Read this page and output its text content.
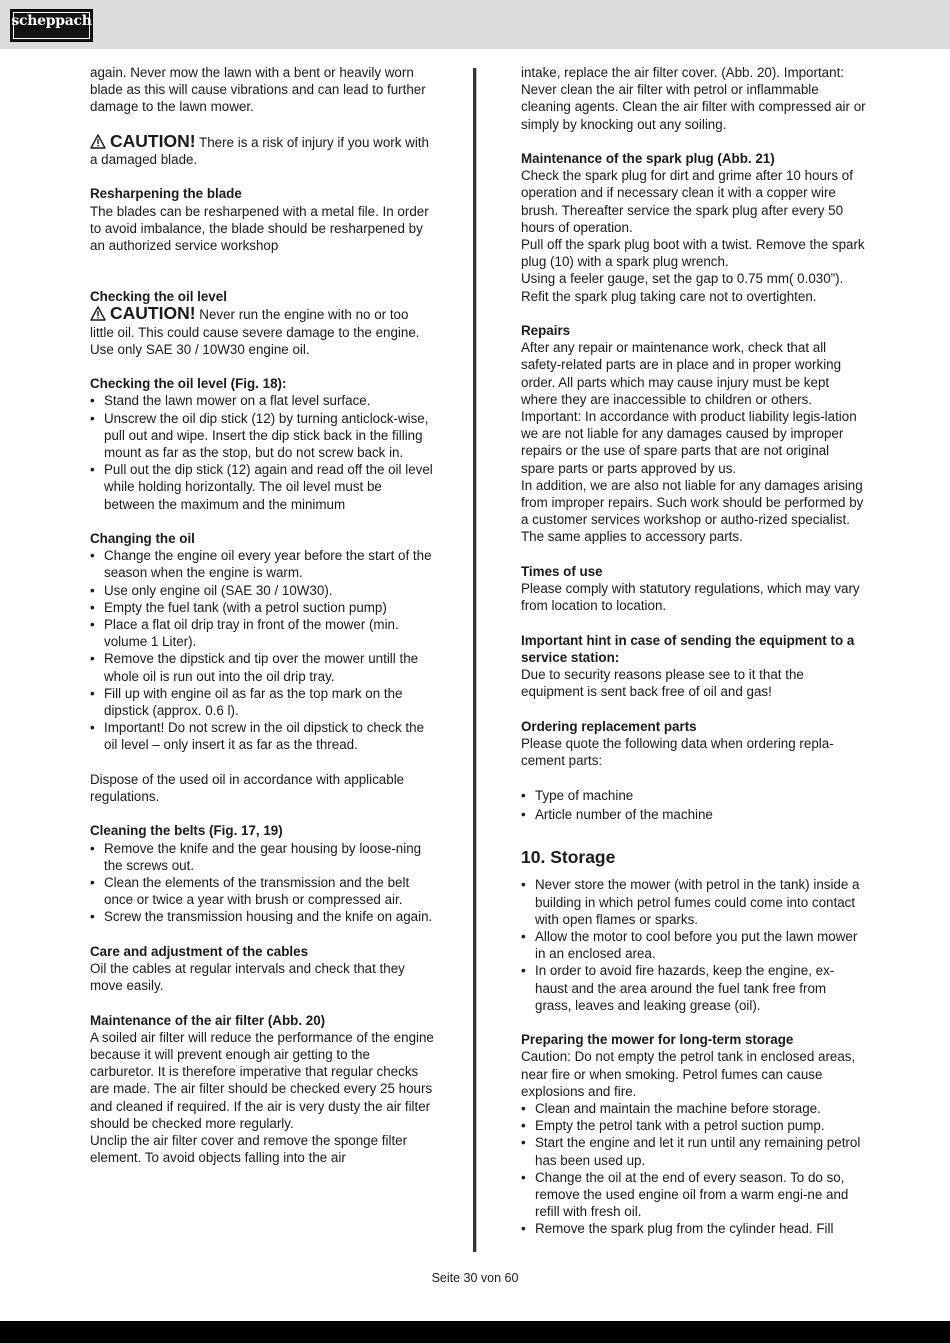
scheppach

again. Never mow the lawn with a bent or heavily worn blade as this will cause vibrations and can lead to further damage to the lawn mower.

CAUTION! There is a risk of injury if you work with a damaged blade.

Resharpening the blade

The blades can be resharpened with a metal file. In order to avoid imbalance, the blade should be resharpened by an authorized service workshop

Checking the oil level

CAUTION! Never run the engine with no or too little oil. This could cause severe damage to the engine. Use only SAE 30 / 10W30 engine oil.

Checking the oil level (Fig. 18):

• Stand the lawn mower on a flat level surface.
• Unscrew the oil dip stick (12) by turning anticlock-wise, pull out and wipe. Insert the dip stick back in the filling mount as far as the stop, but do not screw back in.
• Pull out the dip stick (12) again and read off the oil level while holding horizontally. The oil level must be between the maximum and the minimum

Changing the oil

• Change the engine oil every year before the start of the season when the engine is warm.
• Use only engine oil (SAE 30 / 10W30).
• Empty the fuel tank (with a petrol suction pump)
• Place a flat oil drip tray in front of the mower (min. volume 1 Liter).
• Remove the dipstick and tip over the mower untill the whole oil is run out into the oil drip tray.
• Fill up with engine oil as far as the top mark on the dipstick (approx. 0.6 l).
• Important! Do not screw in the oil dipstick to check the oil level – only insert it as far as the thread.

Dispose of the used oil in accordance with applicable regulations.

Cleaning the belts (Fig. 17, 19)

• Remove the knife and the gear housing by loose-ning the screws out.
• Clean the elements of the transmission and the belt once or twice a year with brush or compressed air.
• Screw the transmission housing and the knife on again.

Care and adjustment of the cables

Oil the cables at regular intervals and check that they move easily.

Maintenance of the air filter (Abb. 20)

A soiled air filter will reduce the performance of the engine because it will prevent enough air getting to the carburetor. It is therefore imperative that regular checks are made. The air filter should be checked every 25 hours and cleaned if required. If the air is very dusty the air filter should be checked more regularly.

Unclip the air filter cover and remove the sponge filter element. To avoid objects falling into the air

intake, replace the air filter cover. (Abb. 20). Important: Never clean the air filter with petrol or inflammable cleaning agents. Clean the air filter with compressed air or simply by knocking out any soiling.

Maintenance of the spark plug (Abb. 21)

Check the spark plug for dirt and grime after 10 hours of operation and if necessary clean it with a copper wire brush. Thereafter service the spark plug after every 50 hours of operation.

Pull off the spark plug boot with a twist. Remove the spark plug (10) with a spark plug wrench.

Using a feeler gauge, set the gap to 0.75 mm( 0.030”). Refit the spark plug taking care not to overtighten.

Repairs

After any repair or maintenance work, check that all safety-related parts are in place and in proper working order. All parts which may cause injury must be kept where they are inaccessible to children or others.

Important: In accordance with product liability legis-lation we are not liable for any damages caused by improper repairs or the use of spare parts that are not original spare parts or parts approved by us.

In addition, we are also not liable for any damages arising from improper repairs. Such work should be performed by a customer services workshop or autho-rized specialist. The same applies to accessory parts.

Times of use

Please comply with statutory regulations, which may vary from location to location.

Important hint in case of sending the equipment to a service station:

Due to security reasons please see to it that the equipment is sent back free of oil and gas!

Ordering replacement parts

Please quote the following data when ordering repla-cement parts:

• Type of machine
• Article number of the machine

10. Storage

• Never store the mower (with petrol in the tank) inside a building in which petrol fumes could come into contact with open flames or sparks.
• Allow the motor to cool before you put the lawn mower in an enclosed area.
• In order to avoid fire hazards, keep the engine, ex-haust and the area around the fuel tank free from grass, leaves and leaking grease (oil).

Preparing the mower for long-term storage

Caution: Do not empty the petrol tank in enclosed areas, near fire or when smoking. Petrol fumes can cause explosions and fire.

• Clean and maintain the machine before storage.
• Empty the petrol tank with a petrol suction pump.
• Start the engine and let it run until any remaining petrol has been used up.
• Change the oil at the end of every season. To do so, remove the used engine oil from a warm engi-ne and refill with fresh oil.
• Remove the spark plug from the cylinder head. Fill
Seite 30 von 60
